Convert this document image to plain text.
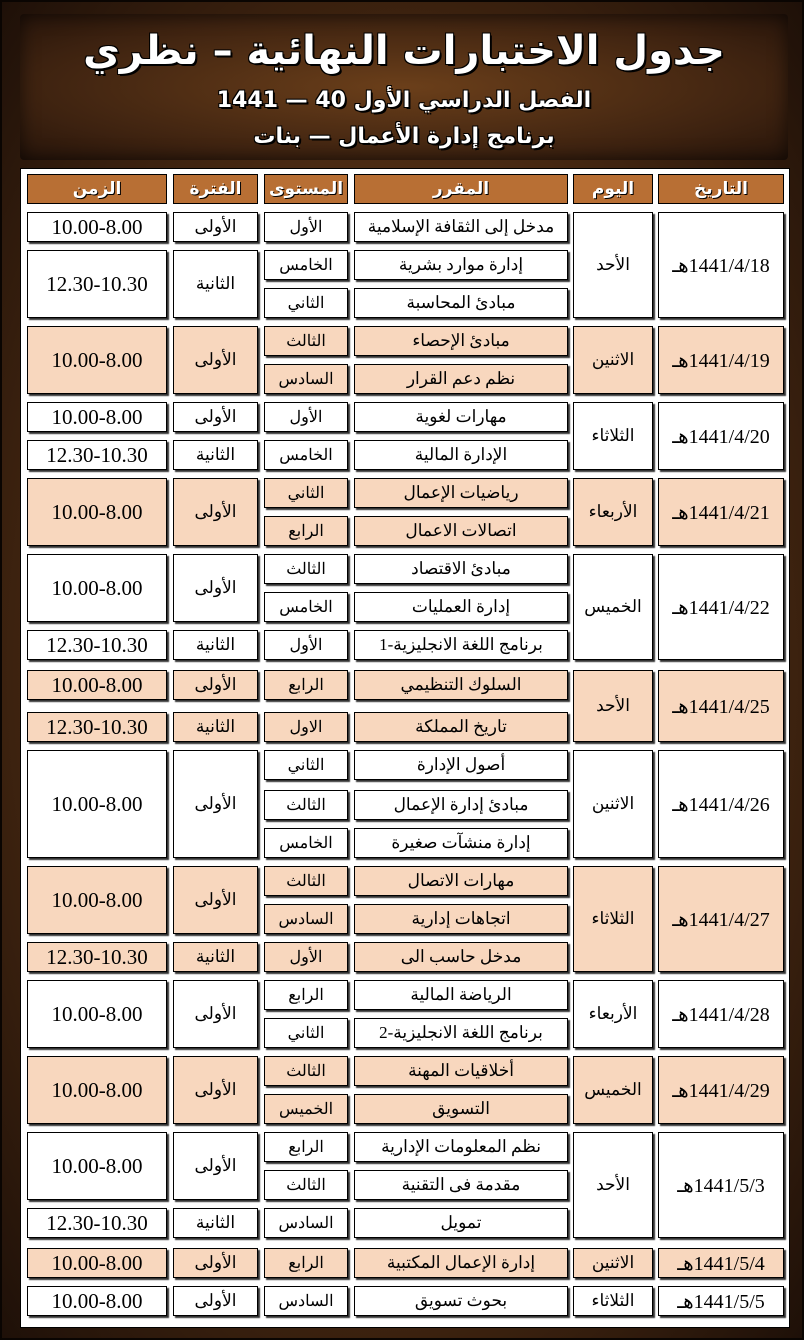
جدول الاختبارات النهائية – نظري
الفصل الدراسي الأول 40 — 1441
برنامج إدارة الأعمال — بنات
التاريخ
اليوم
المقرر
المستوى
الفترة
الزمن
1441/4/18هـ
الأحد
1441/4/19هـ
الاثنين
1441/4/20هـ
الثلاثاء
1441/4/21هـ
الأربعاء
1441/4/22هـ
الخميس
1441/4/25هـ
الأحد
1441/4/26هـ
الاثنين
1441/4/27هـ
الثلاثاء
1441/4/28هـ
الأربعاء
1441/4/29هـ
الخميس
1441/5/3هـ
الأحد
1441/5/4هـ
الاثنين
1441/5/5هـ
الثلاثاء
مدخل إلى الثقافة الإسلامية
الأول
إدارة موارد بشرية
الخامس
مبادئ المحاسبة
الثاني
مبادئ الإحصاء
الثالث
نظم دعم القرار
السادس
مهارات لغوية
الأول
الإدارة المالية
الخامس
رياضيات الإعمال
الثاني
اتصالات الاعمال
الرابع
مبادئ الاقتصاد
الثالث
إدارة العمليات
الخامس
برنامج اللغة الانجليزية-1
الأول
السلوك التنظيمي
الرابع
تاريخ المملكة
الاول
أصول الإدارة
الثاني
مبادئ إدارة الإعمال
الثالث
إدارة منشآت صغيرة
الخامس
مهارات الاتصال
الثالث
اتجاهات إدارية
السادس
مدخل حاسب الى
الأول
الرياضة المالية
الرابع
برنامج اللغة الانجليزية-2
الثاني
أخلاقيات المهنة
الثالث
التسويق
الخميس
نظم المعلومات الإدارية
الرابع
مقدمة فى التقنية
الثالث
تمويل
السادس
إدارة الإعمال المكتبية
الرابع
بحوث تسويق
السادس
الأولى
10.00-8.00
الثانية
12.30-10.30
الأولى
10.00-8.00
الأولى
10.00-8.00
الثانية
12.30-10.30
الأولى
10.00-8.00
الأولى
10.00-8.00
الثانية
12.30-10.30
الأولى
10.00-8.00
الثانية
12.30-10.30
الأولى
10.00-8.00
الأولى
10.00-8.00
الثانية
12.30-10.30
الأولى
10.00-8.00
الأولى
10.00-8.00
الأولى
10.00-8.00
الثانية
12.30-10.30
الأولى
10.00-8.00
الأولى
10.00-8.00
